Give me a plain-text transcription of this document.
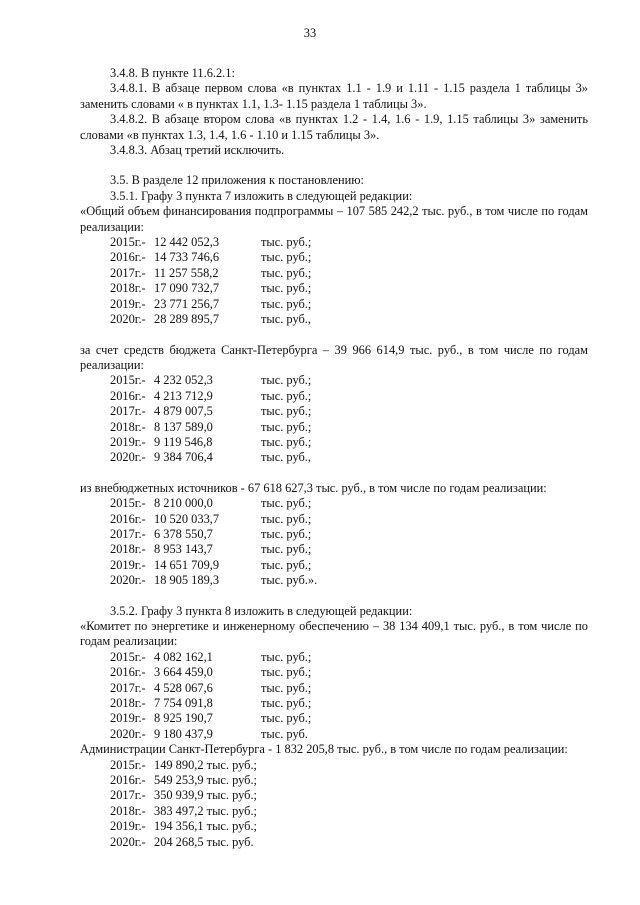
33

3.4.8. В пункте 11.6.2.1:

3.4.8.1. В абзаце первом слова «в пунктах 1.1 - 1.9 и 1.11 - 1.15 раздела 1 таблицы 3» заменить словами « в пунктах 1.1, 1.3- 1.15 раздела 1 таблицы 3».

3.4.8.2. В абзаце втором слова «в пунктах 1.2 - 1.4, 1.6 - 1.9, 1.15 таблицы 3» заменить словами «в пунктах 1.3, 1.4, 1.6 - 1.10 и 1.15 таблицы 3».

3.4.8.3. Абзац третий исключить.

3.5. В разделе 12 приложения к постановлению:

3.5.1. Графу 3 пункта 7 изложить в следующей редакции:

«Общий объем финансирования подпрограммы – 107 585 242,2 тыс. руб., в том числе по годам реализации:

2015г.- 12 442 052,3	тыс. руб.;
2016г.- 14 733 746,6	тыс. руб.;
2017г.- 11 257 558,2	тыс. руб.;
2018г.- 17 090 732,7	тыс. руб.;
2019г.- 23 771 256,7	тыс. руб.;
2020г.- 28 289 895,7	тыс. руб.,

за счет средств бюджета Санкт-Петербурга – 39 966 614,9 тыс. руб., в том числе по годам реализации:

2015г.- 4 232 052,3	тыс. руб.;
2016г.- 4 213 712,9	тыс. руб.;
2017г.- 4 879 007,5	тыс. руб.;
2018г.- 8 137 589,0	тыс. руб.;
2019г.- 9 119 546,8	тыс. руб.;
2020г.- 9 384 706,4	тыс. руб.,

из внебюджетных источников - 67 618 627,3 тыс. руб., в том числе по годам реализации:

2015г.- 8 210 000,0	тыс. руб.;
2016г.- 10 520 033,7	тыс. руб.;
2017г.- 6 378 550,7	тыс. руб.;
2018г.- 8 953 143,7	тыс. руб.;
2019г.- 14 651 709,9	тыс. руб.;
2020г.- 18 905 189,3	тыс. руб.».

3.5.2. Графу 3 пункта 8 изложить в следующей редакции:

«Комитет по энергетике и инженерному обеспечению – 38 134 409,1 тыс. руб., в том числе по годам реализации:

2015г.- 4 082 162,1	тыс. руб.;
2016г.- 3 664 459,0	тыс. руб.;
2017г.- 4 528 067,6	тыс. руб.;
2018г.- 7 754 091,8	тыс. руб.;
2019г.- 8 925 190,7	тыс. руб.;
2020г.- 9 180 437,9	тыс. руб.

Администрации Санкт-Петербурга - 1 832 205,8 тыс. руб., в том числе по годам реализации:

2015г.- 149 890,2 тыс. руб.;
2016г.- 549 253,9 тыс. руб.;
2017г.- 350 939,9 тыс. руб.;
2018г.- 383 497,2 тыс. руб.;
2019г.- 194 356,1 тыс. руб.;
2020г.- 204 268,5 тыс. руб.
